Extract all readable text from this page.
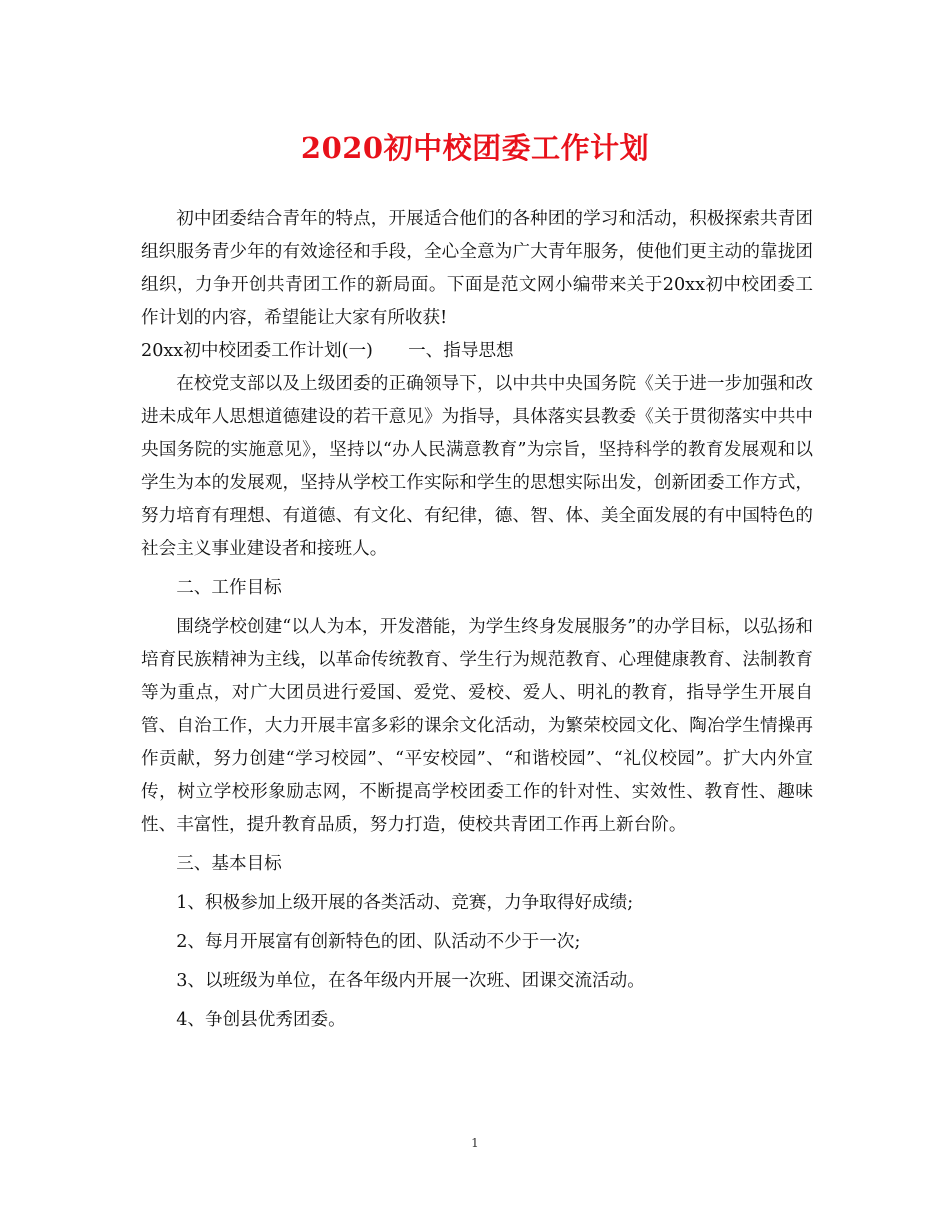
2020初中校团委工作计划

初中团委结合青年的特点，开展适合他们的各种团的学习和活动，积极探索共青团组织服务青少年的有效途径和手段，全心全意为广大青年服务，使他们更主动的靠拢团组织，力争开创共青团工作的新局面。下面是范文网小编带来关于20xx初中校团委工作计划的内容，希望能让大家有所收获!

20xx初中校团委工作计划(一)　　一、指导思想

在校党支部以及上级团委的正确领导下，以中共中央国务院《关于进一步加强和改进未成年人思想道德建设的若干意见》为指导，具体落实县教委《关于贯彻落实中共中央国务院的实施意见》，坚持以“办人民满意教育”为宗旨，坚持科学的教育发展观和以学生为本的发展观，坚持从学校工作实际和学生的思想实际出发，创新团委工作方式，努力培育有理想、有道德、有文化、有纪律，德、智、体、美全面发展的有中国特色的社会主义事业建设者和接班人。

二、工作目标

围绕学校创建“以人为本，开发潜能，为学生终身发展服务”的办学目标，以弘扬和培育民族精神为主线，以革命传统教育、学生行为规范教育、心理健康教育、法制教育等为重点，对广大团员进行爱国、爱党、爱校、爱人、明礼的教育，指导学生开展自管、自治工作，大力开展丰富多彩的课余文化活动，为繁荣校园文化、陶冶学生情操再作贡献，努力创建“学习校园”、“平安校园”、“和谐校园”、“礼仪校园”。扩大内外宣传，树立学校形象励志网，不断提高学校团委工作的针对性、实效性、教育性、趣味性、丰富性，提升教育品质，努力打造，使校共青团工作再上新台阶。

三、基本目标

1、积极参加上级开展的各类活动、竞赛，力争取得好成绩;

2、每月开展富有创新特色的团、队活动不少于一次;

3、以班级为单位，在各年级内开展一次班、团课交流活动。

4、争创县优秀团委。

1
